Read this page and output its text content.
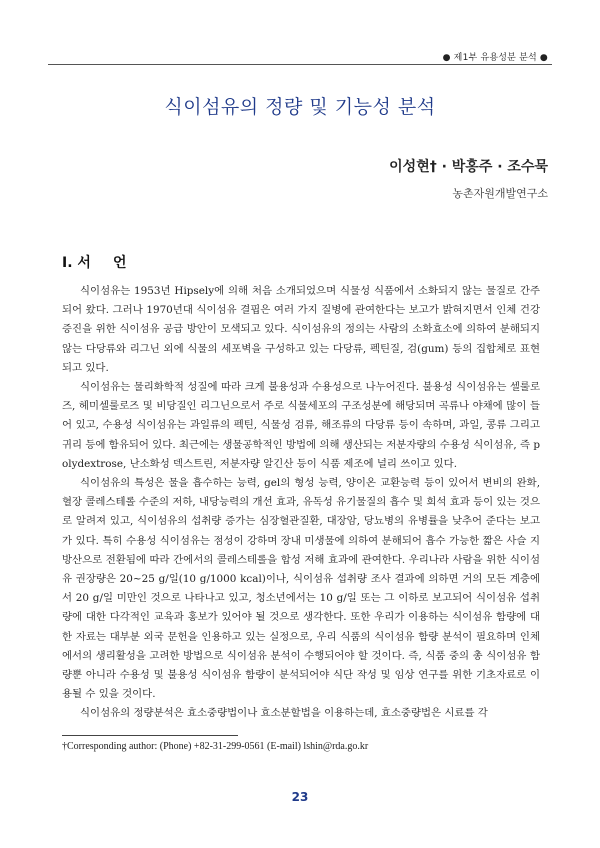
● 제1부 유용성분 분석 ●
식이섬유의 정량 및 기능성 분석
이성현† · 박홍주 · 조수묵
농촌자원개발연구소
I. 서 언

식이섬유는 1953년 Hipsely에 의해 처음 소개되었으며 식물성 식품에서 소화되지 않는 물질로 간주되어 왔다. 그러나 1970년대 식이섬유 결핍은 여러 가지 질병에 관여한다는 보고가 밝혀지면서 인체 건강 증진을 위한 식이섬유 공급 방안이 모색되고 있다. 식이섬유의 정의는 사람의 소화효소에 의하여 분해되지 않는 다당류와 리그닌 외에 식물의 세포벽을 구성하고 있는 다당류, 펙틴질, 검(gum) 등의 집합체로 표현되고 있다.

식이섬유는 물리화학적 성질에 따라 크게 불용성과 수용성으로 나누어진다. 불용성 식이섬유는 셀룰로즈, 헤미셀룰로즈 및 비당질인 리그닌으로서 주로 식물세포의 구조성분에 해당되며 곡류나 야채에 많이 들어 있고, 수용성 식이섬유는 과일류의 펙틴, 식물성 검류, 해조류의 다당류 등이 속하며, 과일, 콩류 그리고 귀리 등에 함유되어 있다. 최근에는 생물공학적인 방법에 의해 생산되는 저분자량의 수용성 식이섬유, 즉 polydextrose, 난소화성 덱스트린, 저분자량 알긴산 등이 식품 제조에 널리 쓰이고 있다.

식이섬유의 특성은 물을 흡수하는 능력, gel의 형성 능력, 양이온 교환능력 등이 있어서 변비의 완화, 혈장 콜레스테롤 수준의 저하, 내당능력의 개선 효과, 유독성 유기물질의 흡수 및 희석 효과 등이 있는 것으로 알려져 있고, 식이섬유의 섭취량 증가는 심장혈관질환, 대장암, 당뇨병의 유병률을 낮추어 준다는 보고가 있다. 특히 수용성 식이섬유는 점성이 강하며 장내 미생물에 의하여 분해되어 흡수 가능한 짧은 사슬 지방산으로 전환됨에 따라 간에서의 콜레스테롤을 합성 저해 효과에 관여한다. 우리나라 사람을 위한 식이섬유 권장량은 20~25 g/일(10 g/1000 kcal)이나, 식이섬유 섭취량 조사 결과에 의하면 거의 모든 계층에서 20 g/일 미만인 것으로 나타나고 있고, 청소년에서는 10 g/일 또는 그 이하로 보고되어 식이섬유 섭취량에 대한 다각적인 교육과 홍보가 있어야 될 것으로 생각한다. 또한 우리가 이용하는 식이섬유 함량에 대한 자료는 대부분 외국 문헌을 인용하고 있는 실정으로, 우리 식품의 식이섬유 함량 분석이 필요하며 인체에서의 생리활성을 고려한 방법으로 식이섬유 분석이 수행되어야 할 것이다. 즉, 식품 중의 총 식이섬유 함량뿐 아니라 수용성 및 불용성 식이섬유 함량이 분석되어야 식단 작성 및 임상 연구를 위한 기초자료로 이용될 수 있을 것이다.

식이섬유의 정량분석은 효소중량법이나 효소분할법을 이용하는데, 효소중량법은 시료를 각

†Corresponding author: (Phone) +82-31-299-0561 (E-mail) lshin@rda.go.kr
23
